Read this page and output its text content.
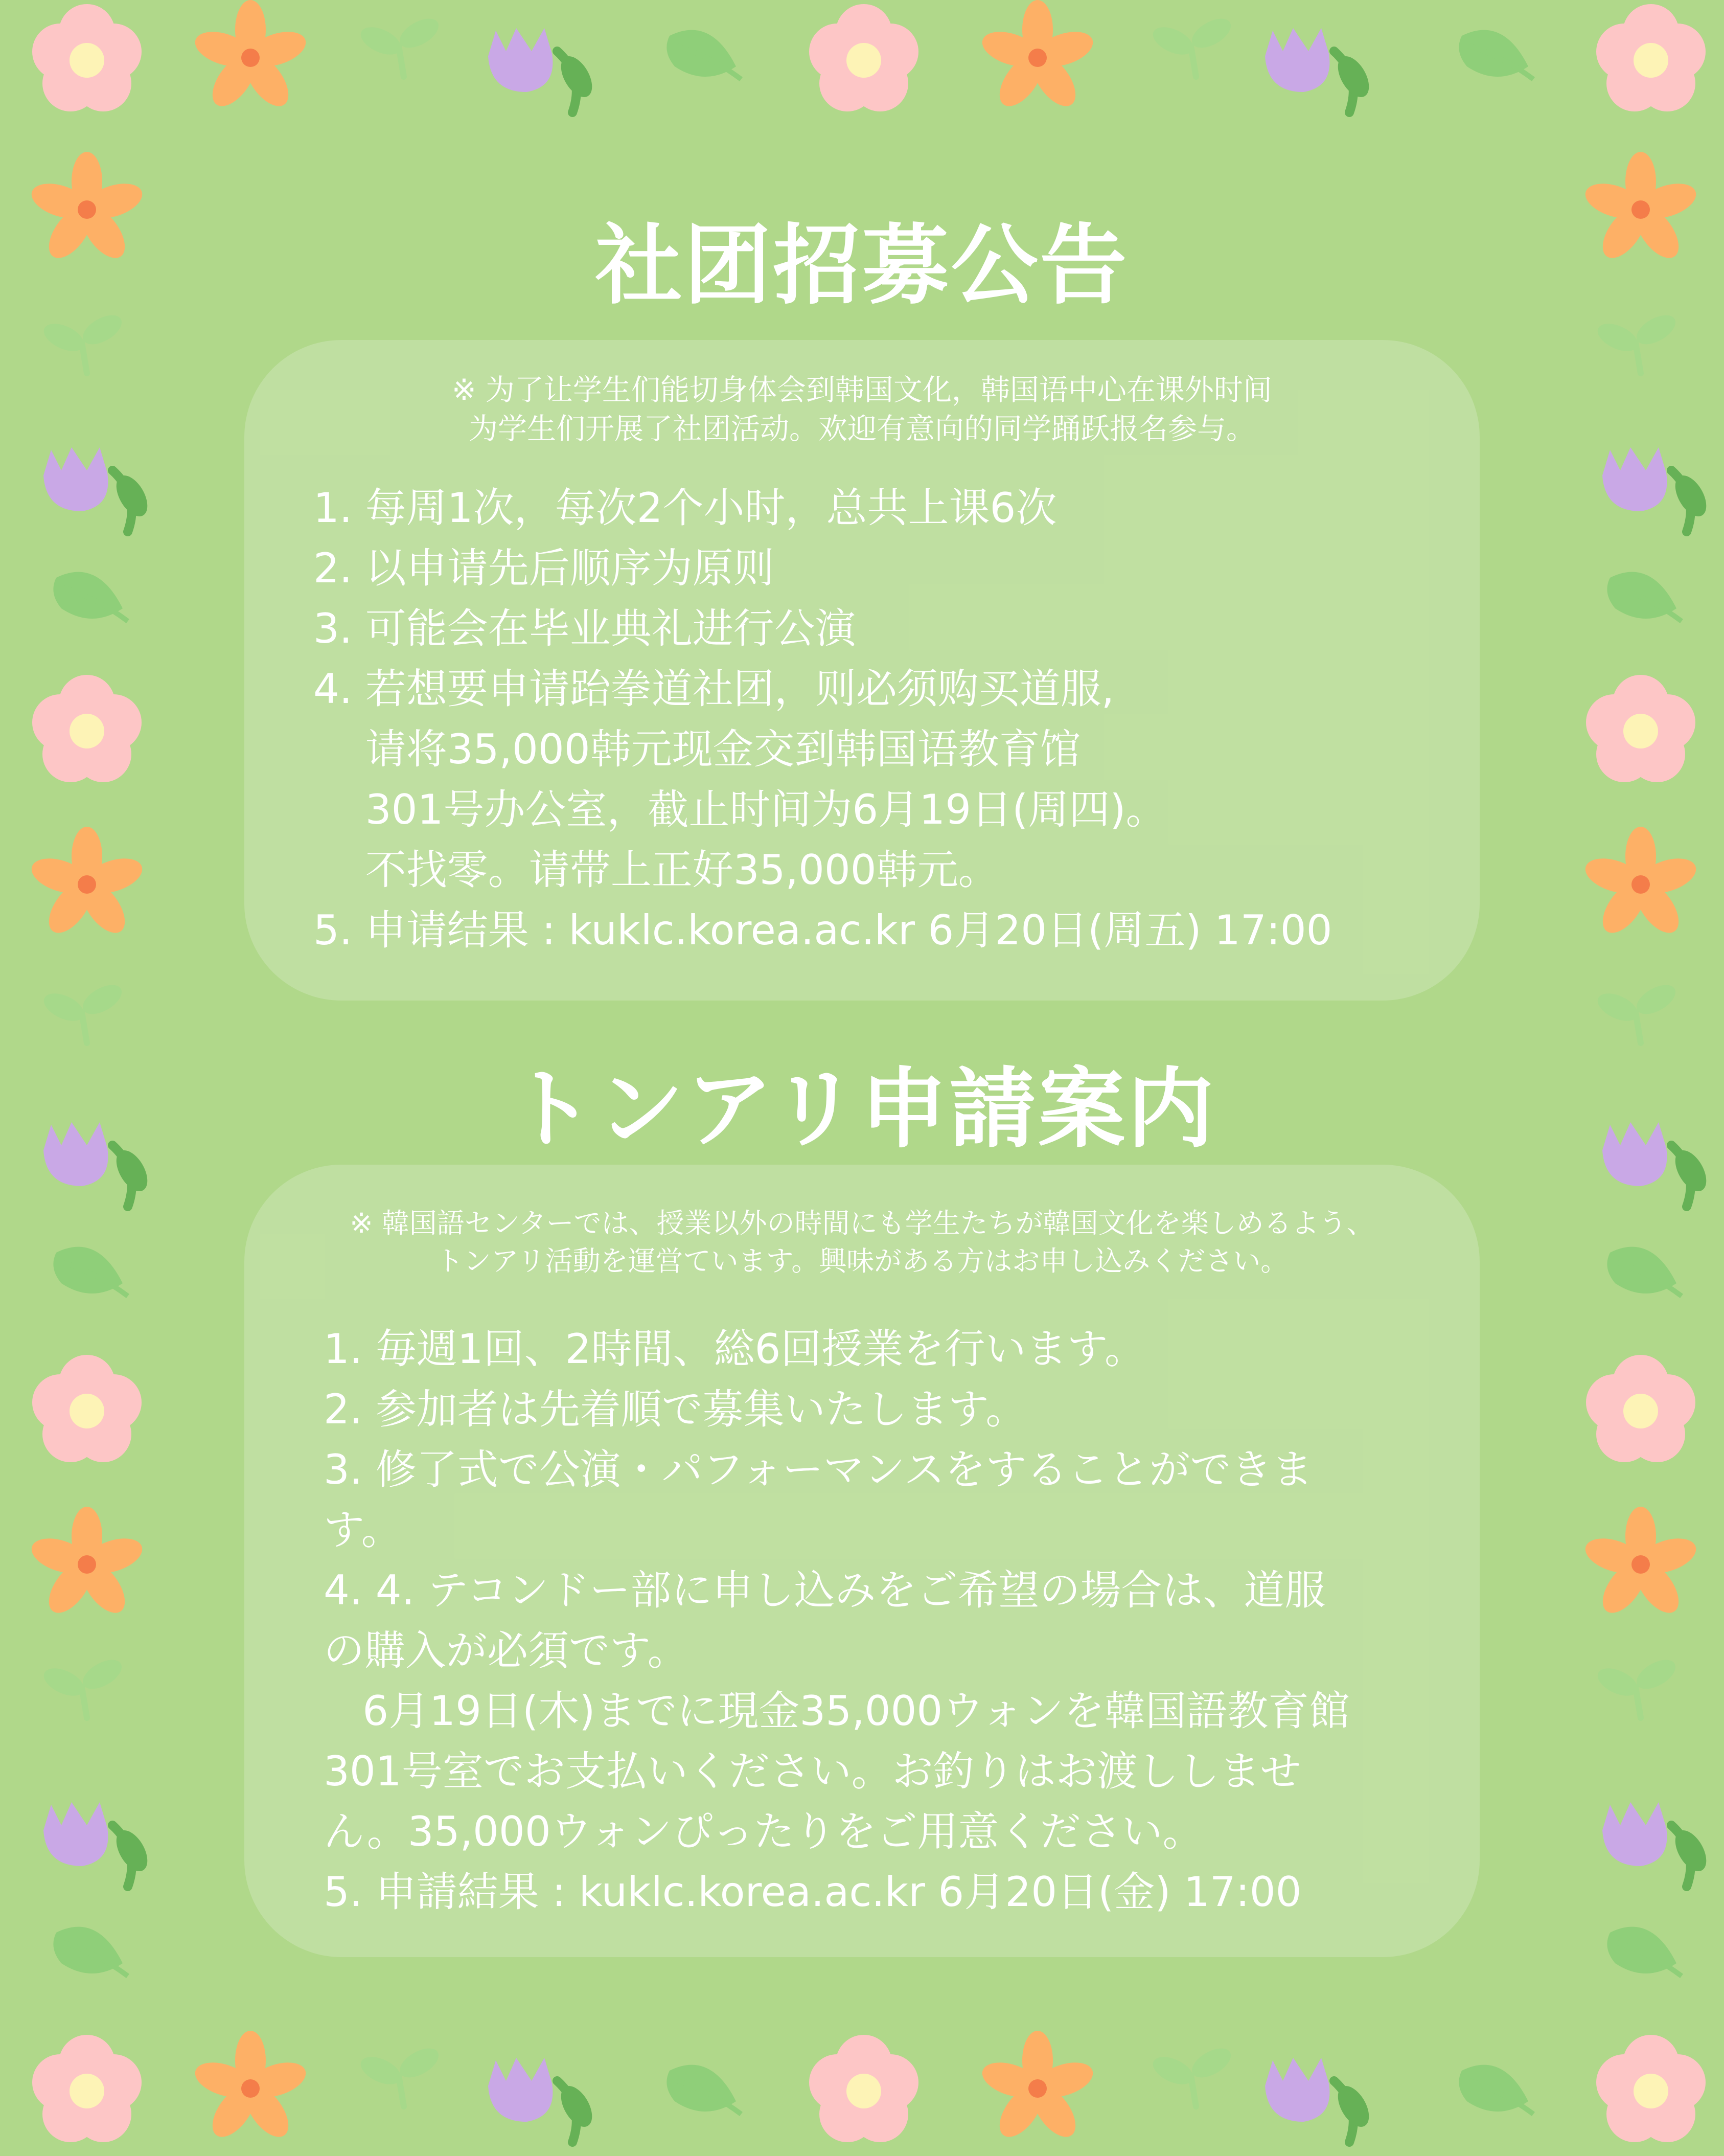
社团招募公告
※ 为了让学生们能切身体会到韩国文化，韩国语中心在课外时间
为学生们开展了社团活动。欢迎有意向的同学踊跃报名参与。
1. 每周1次，每次2个小时，总共上课6次
2. 以申请先后顺序为原则
3. 可能会在毕业典礼进行公演
4. 若想要申请跆拳道社团，则必须购买道服,
请将35,000韩元现金交到韩国语教育馆
301号办公室，截止时间为6月19日(周四)。
不找零。请带上正好35,000韩元。
5. 申请结果 : kuklc.korea.ac.kr 6月20日(周五) 17:00
トンアリ申請案内
※ 韓国語センターでは、授業以外の時間にも学生たちが韓国文化を楽しめるよう、
トンアリ活動を運営ています。興味がある方はお申し込みください。
1. 毎週1回、2時間、総6回授業を行います。
2. 参加者は先着順で募集いたします。
3. 修了式で公演・パフォーマンスをすることができま
す。
4. 4. テコンドー部に申し込みをご希望の場合は、道服
の購入が必須です。
6月19日(木)までに現金35,000ウォンを韓国語教育館
301号室でお支払いください。お釣りはお渡ししませ
ん。35,000ウォンぴったりをご用意ください。
5. 申請結果 : kuklc.korea.ac.kr 6月20日(金) 17:00
